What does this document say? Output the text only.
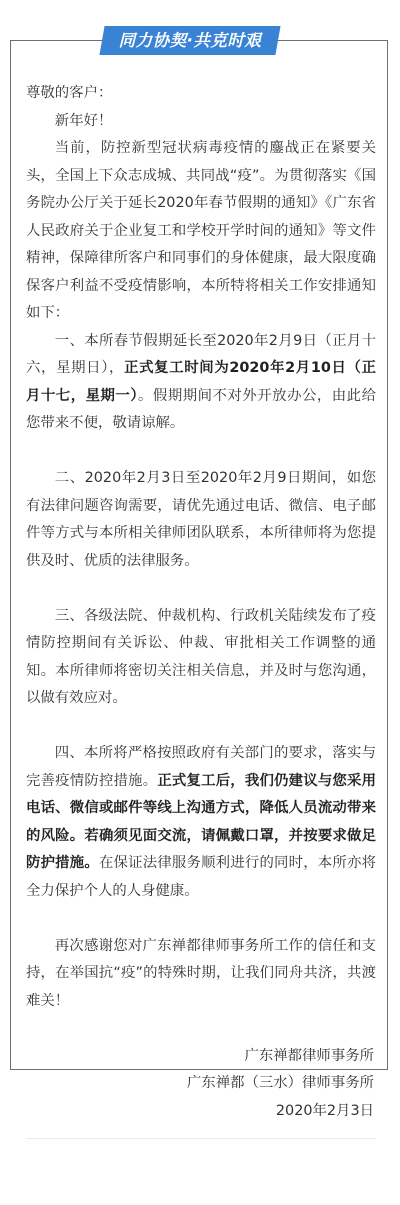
同力协契·共克时艰

尊敬的客户：

新年好！

当前，防控新型冠状病毒疫情的鏖战正在紧要关头，全国上下众志成城、共同战“疫”。为贯彻落实《国务院办公厅关于延长2020年春节假期的通知》《广东省人民政府关于企业复工和学校开学时间的通知》等文件精神，保障律所客户和同事们的身体健康，最大限度确保客户利益不受疫情影响，本所特将相关工作安排通知如下：

一、本所春节假期延长至2020年2月9日（正月十六，星期日），正式复工时间为2020年2月10日（正月十七，星期一）。假期期间不对外开放办公，由此给您带来不便，敬请谅解。

二、2020年2月3日至2020年2月9日期间，如您有法律问题咨询需要，请优先通过电话、微信、电子邮件等方式与本所相关律师团队联系，本所律师将为您提供及时、优质的法律服务。

三、各级法院、仲裁机构、行政机关陆续发布了疫情防控期间有关诉讼、仲裁、审批相关工作调整的通知。本所律师将密切关注相关信息，并及时与您沟通，以做有效应对。

四、本所将严格按照政府有关部门的要求，落实与完善疫情防控措施。正式复工后，我们仍建议与您采用电话、微信或邮件等线上沟通方式，降低人员流动带来的风险。若确须见面交流，请佩戴口罩，并按要求做足防护措施。在保证法律服务顺利进行的同时，本所亦将全力保护个人的人身健康。

再次感谢您对广东禅都律师事务所工作的信任和支持，在举国抗“疫”的特殊时期，让我们同舟共济，共渡难关！

广东禅都律师事务所

广东禅都（三水）律师事务所

2020年2月3日
